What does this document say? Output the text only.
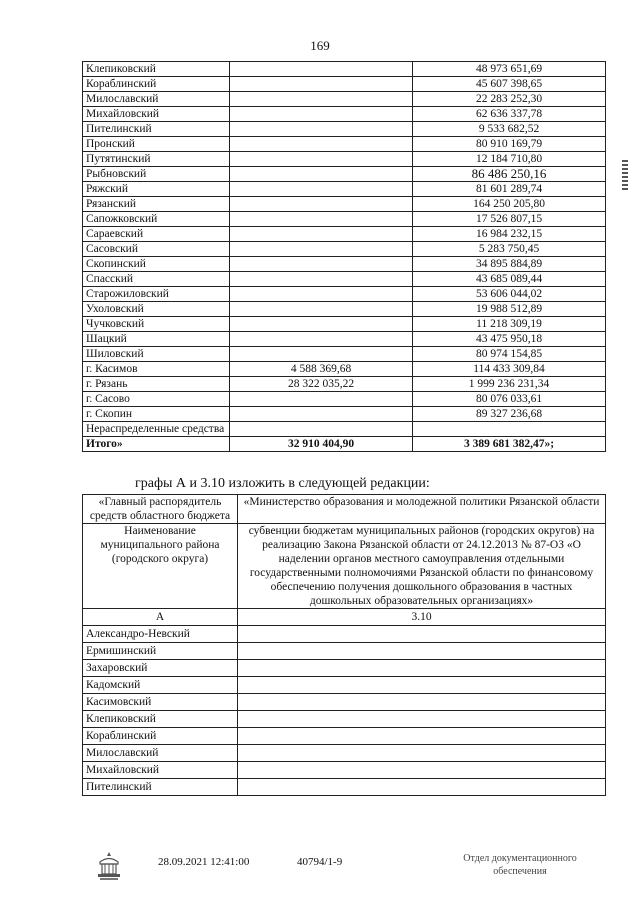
169
Клепиковский		48 973 651,69
Кораблинский		45 607 398,65
Милославский		22 283 252,30
Михайловский		62 636 337,78
Пителинский		9 533 682,52
Пронский		80 910 169,79
Путятинский		12 184 710,80
Рыбновский		86 486 250,16
Ряжский		81 601 289,74
Рязанский		164 250 205,80
Сапожковский		17 526 807,15
Сараевский		16 984 232,15
Сасовский		5 283 750,45
Скопинский		34 895 884,89
Спасский		43 685 089,44
Старожиловский		53 606 044,02
Ухоловский		19 988 512,89
Чучковский		11 218 309,19
Шацкий		43 475 950,18
Шиловский		80 974 154,85
г. Касимов	4 588 369,68	114 433 309,84
г. Рязань	28 322 035,22	1 999 236 231,34
г. Сасово		80 076 033,61
г. Скопин		89 327 236,68
Нераспределенные средства		
Итого»	32 910 404,90	3 389 681 382,47»;
графы А и 3.10 изложить в следующей редакции:
«Главный распорядитель средств областного бюджета	«Министерство образования и молодежной политики Рязанской области
Наименование муниципального района (городского округа)	субвенции бюджетам муниципальных районов (городских округов) на реализацию Закона Рязанской области от 24.12.2013 № 87-ОЗ «О наделении органов местного самоуправления отдельными государственными полномочиями Рязанской области по финансовому обеспечению получения дошкольного образования в частных дошкольных образовательных организациях»
А	3.10
Александро-Невский	
Ермишинский	
Захаровский	
Кадомский	
Касимовский	
Клепиковский	
Кораблинский	
Милославский	
Михайловский	
Пителинский	
28.09.2021 12:41:00	40794/1-9	Отдел документационного
обеспечения
